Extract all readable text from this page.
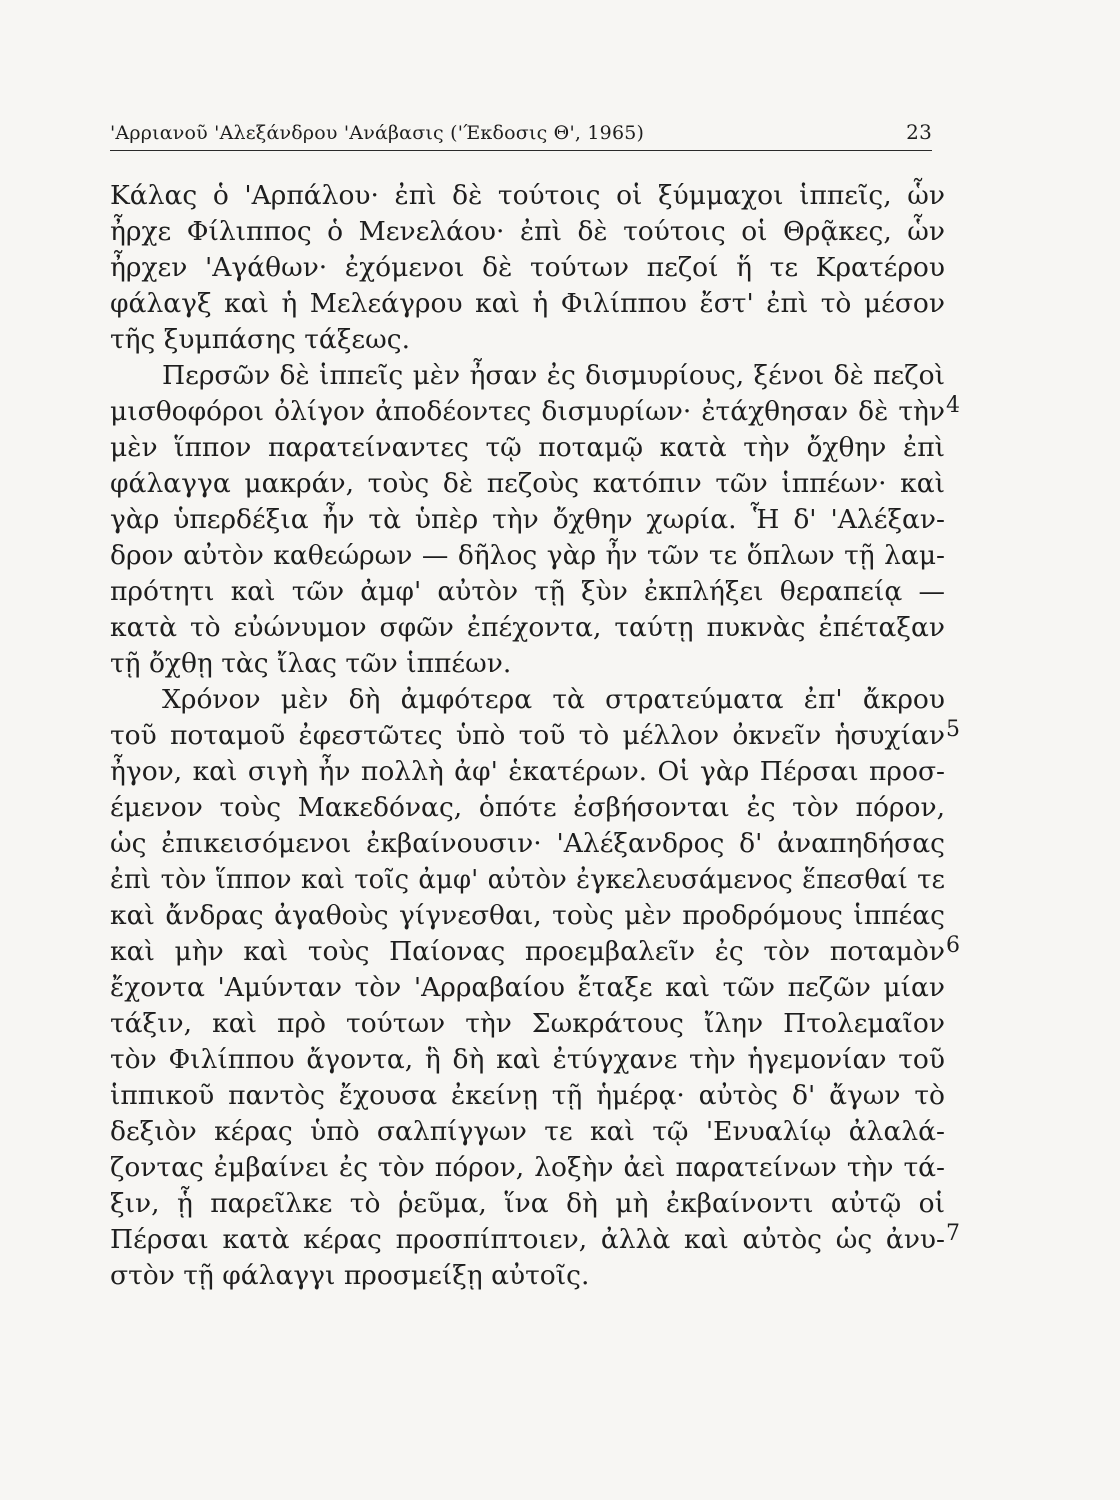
'Αρριανοῦ 'Αλεξάνδρου 'Ανάβασις ('Έκδοσις Θ', 1965)	23
Κάλας ὁ 'Αρπάλου· ἐπὶ δὲ τούτοις οἱ ξύμμαχοι ἱππεῖς, ὧν
ἦρχε Φίλιππος ὁ Μενελάου· ἐπὶ δὲ τούτοις οἱ Θρᾷκες, ὧν
ἦρχεν 'Αγάθων· ἐχόμενοι δὲ τούτων πεζοί ἥ τε Κρατέρου
φάλαγξ καὶ ἡ Μελεάγρου καὶ ἡ Φιλίππου ἔστ' ἐπὶ τὸ μέσον
τῆς ξυμπάσης τάξεως.
Περσῶν δὲ ἱππεῖς μὲν ἦσαν ἐς δισμυρίους, ξένοι δὲ πεζοὶ
μισθοφόροι ὀλίγον ἀποδέοντες δισμυρίων· ἐτάχθησαν δὲ τὴν
μὲν ἵππον παρατείναντες τῷ ποταμῷ κατὰ τὴν ὄχθην ἐπὶ
φάλαγγα μακράν, τοὺς δὲ πεζοὺς κατόπιν τῶν ἱππέων· καὶ
γὰρ ὑπερδέξια ἦν τὰ ὑπὲρ τὴν ὄχθην χωρία. Ἧ δ' 'Αλέξαν-
δρον αὐτὸν καθεώρων — δῆλος γὰρ ἦν τῶν τε ὅπλων τῇ λαμ-
πρότητι καὶ τῶν ἀμφ' αὐτὸν τῇ ξὺν ἐκπλήξει θεραπείᾳ —
κατὰ τὸ εὐώνυμον σφῶν ἐπέχοντα, ταύτῃ πυκνὰς ἐπέταξαν
τῇ ὄχθῃ τὰς ἴλας τῶν ἱππέων.
Χρόνον μὲν δὴ ἀμφότερα τὰ στρατεύματα ἐπ' ἄκρου
τοῦ ποταμοῦ ἐφεστῶτες ὑπὸ τοῦ τὸ μέλλον ὀκνεῖν ἡσυχίαν
ἦγον, καὶ σιγὴ ἦν πολλὴ ἀφ' ἑκατέρων. Οἱ γὰρ Πέρσαι προσ-
έμενον τοὺς Μακεδόνας, ὁπότε ἐσβήσονται ἐς τὸν πόρον,
ὡς ἐπικεισόμενοι ἐκβαίνουσιν· 'Αλέξανδρος δ' ἀναπηδήσας
ἐπὶ τὸν ἵππον καὶ τοῖς ἀμφ' αὐτὸν ἐγκελευσάμενος ἕπεσθαί τε
καὶ ἄνδρας ἀγαθοὺς γίγνεσθαι, τοὺς μὲν προδρόμους ἱππέας
καὶ μὴν καὶ τοὺς Παίονας προεμβαλεῖν ἐς τὸν ποταμὸν
ἔχοντα 'Αμύνταν τὸν 'Αρραβαίου ἔταξε καὶ τῶν πεζῶν μίαν
τάξιν, καὶ πρὸ τούτων τὴν Σωκράτους ἴλην Πτολεμαῖον
τὸν Φιλίππου ἄγοντα, ἣ δὴ καὶ ἐτύγχανε τὴν ἡγεμονίαν τοῦ
ἱππικοῦ παντὸς ἔχουσα ἐκείνῃ τῇ ἡμέρᾳ· αὐτὸς δ' ἄγων τὸ
δεξιὸν κέρας ὑπὸ σαλπίγγων τε καὶ τῷ 'Ενυαλίῳ ἀλαλά-
ζοντας ἐμβαίνει ἐς τὸν πόρον, λοξὴν ἀεὶ παρατείνων τὴν τά-
ξιν, ᾗ παρεῖλκε τὸ ῥεῦμα, ἵνα δὴ μὴ ἐκβαίνοντι αὐτῷ οἱ
Πέρσαι κατὰ κέρας προσπίπτοιεν, ἀλλὰ καὶ αὐτὸς ὡς ἀνυ-
στὸν τῇ φάλαγγι προσμείξῃ αὐτοῖς.
4
5
6
7
